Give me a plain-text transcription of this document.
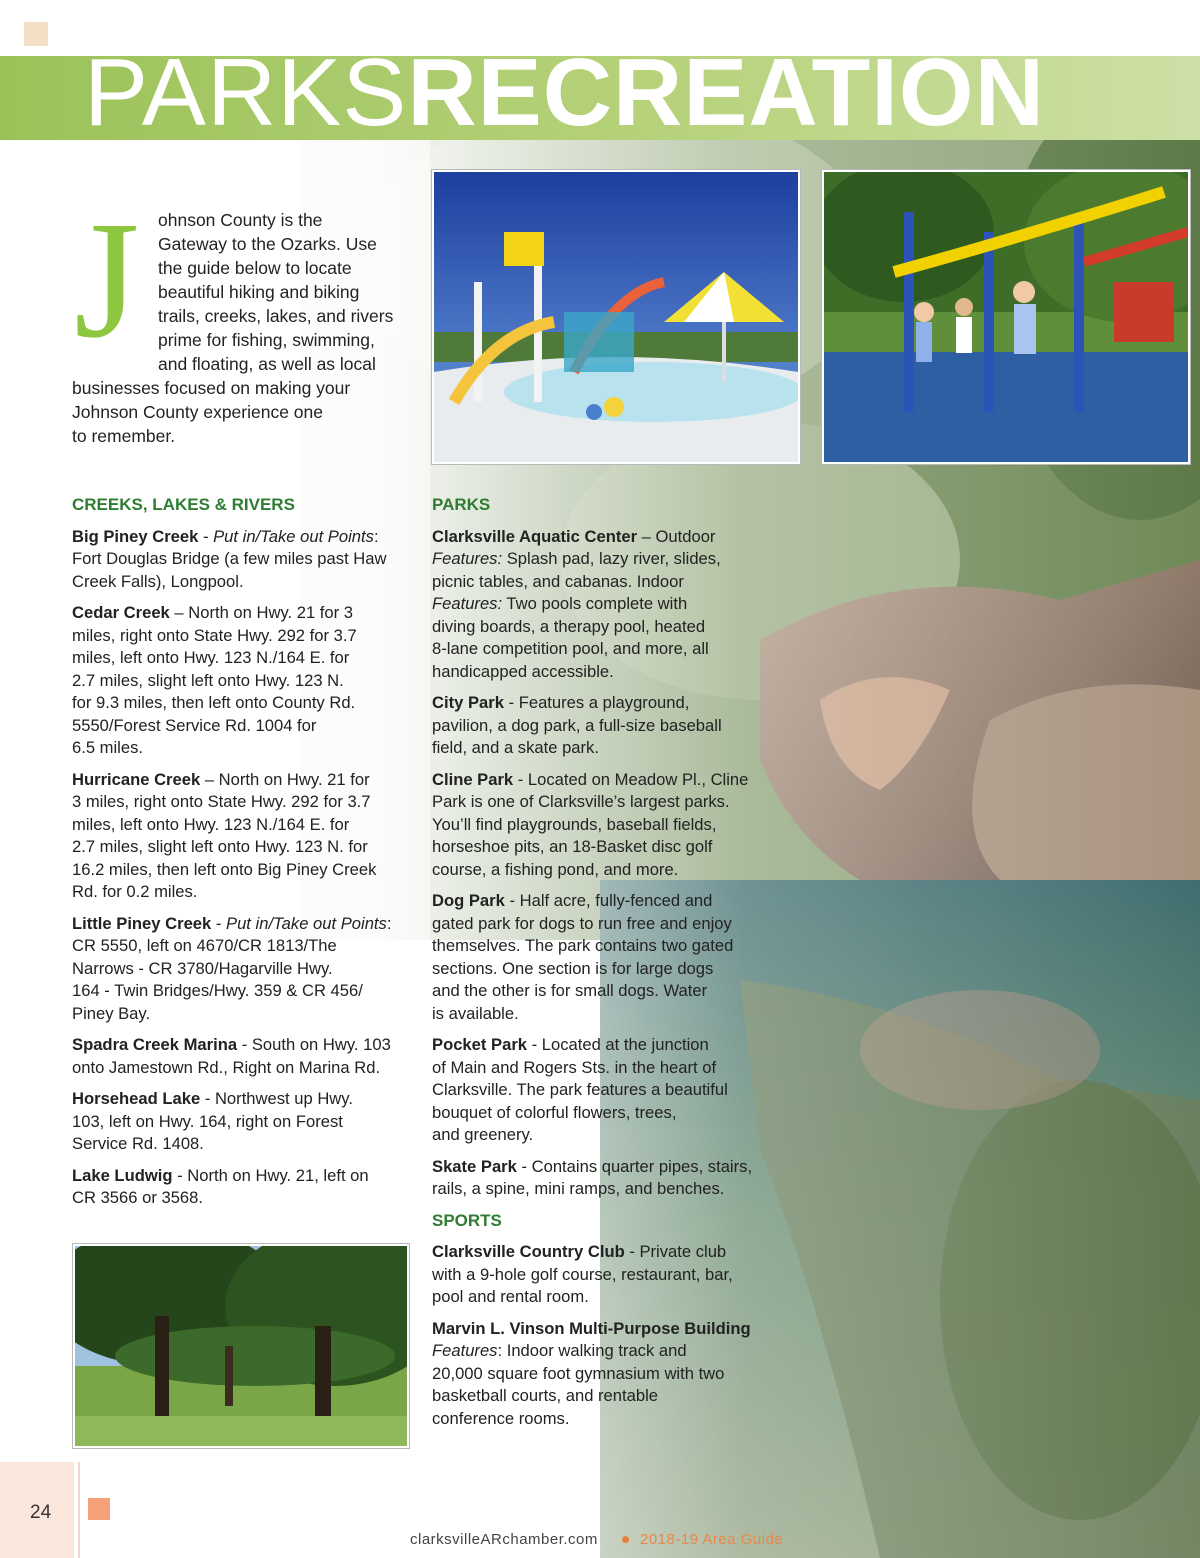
PARKSRECREATION
J	ohnson County is the
Gateway to the Ozarks. Use
the guide below to locate
beautiful hiking and biking
trails, creeks, lakes, and rivers
prime for fishing, swimming,
and floating, as well as local
businesses focused on making your
Johnson County experience one
to remember.
CREEKS, LAKES & RIVERS
Big Piney Creek - Put in/Take out Points:
Fort Douglas Bridge (a few miles past Haw
Creek Falls), Longpool.
Cedar Creek – North on Hwy. 21 for 3
miles, right onto State Hwy. 292 for 3.7
miles, left onto Hwy. 123 N./164 E. for
2.7 miles, slight left onto Hwy. 123 N.
for 9.3 miles, then left onto County Rd.
5550/Forest Service Rd. 1004 for
6.5 miles.
Hurricane Creek – North on Hwy. 21 for
3 miles, right onto State Hwy. 292 for 3.7
miles, left onto Hwy. 123 N./164 E. for
2.7 miles, slight left onto Hwy. 123 N. for
16.2 miles, then left onto Big Piney Creek
Rd. for 0.2 miles.
Little Piney Creek - Put in/Take out Points:
CR 5550, left on 4670/CR 1813/The
Narrows - CR 3780/Hagarville Hwy.
164 - Twin Bridges/Hwy. 359 & CR 456/
Piney Bay.
Spadra Creek Marina - South on Hwy. 103
onto Jamestown Rd., Right on Marina Rd.
Horsehead Lake - Northwest up Hwy.
103, left on Hwy. 164, right on Forest
Service Rd. 1408.
Lake Ludwig - North on Hwy. 21, left on
CR 3566 or 3568.
PARKS
Clarksville Aquatic Center – Outdoor
Features: Splash pad, lazy river, slides,
picnic tables, and cabanas. Indoor
Features: Two pools complete with
diving boards, a therapy pool, heated
8-lane competition pool, and more, all
handicapped accessible.
City Park - Features a playground,
pavilion, a dog park, a full-size baseball
field, and a skate park.
Cline Park - Located on Meadow Pl., Cline
Park is one of Clarksville’s largest parks.
You’ll find playgrounds, baseball fields,
horseshoe pits, an 18-Basket disc golf
course, a fishing pond, and more.
Dog Park - Half acre, fully-fenced and
gated park for dogs to run free and enjoy
themselves. The park contains two gated
sections. One section is for large dogs
and the other is for small dogs. Water
is available.
Pocket Park - Located at the junction
of Main and Rogers Sts. in the heart of
Clarksville. The park features a beautiful
bouquet of colorful flowers, trees,
and greenery.
Skate Park - Contains quarter pipes, stairs,
rails, a spine, mini ramps, and benches.
SPORTS
Clarksville Country Club - Private club
with a 9-hole golf course, restaurant, bar,
pool and rental room.
Marvin L. Vinson Multi-Purpose Building
Features: Indoor walking track and
20,000 square foot gymnasium with two
basketball courts, and rentable
conference rooms.
24
clarksvilleARchamber.com	2018-19 Area Guide
